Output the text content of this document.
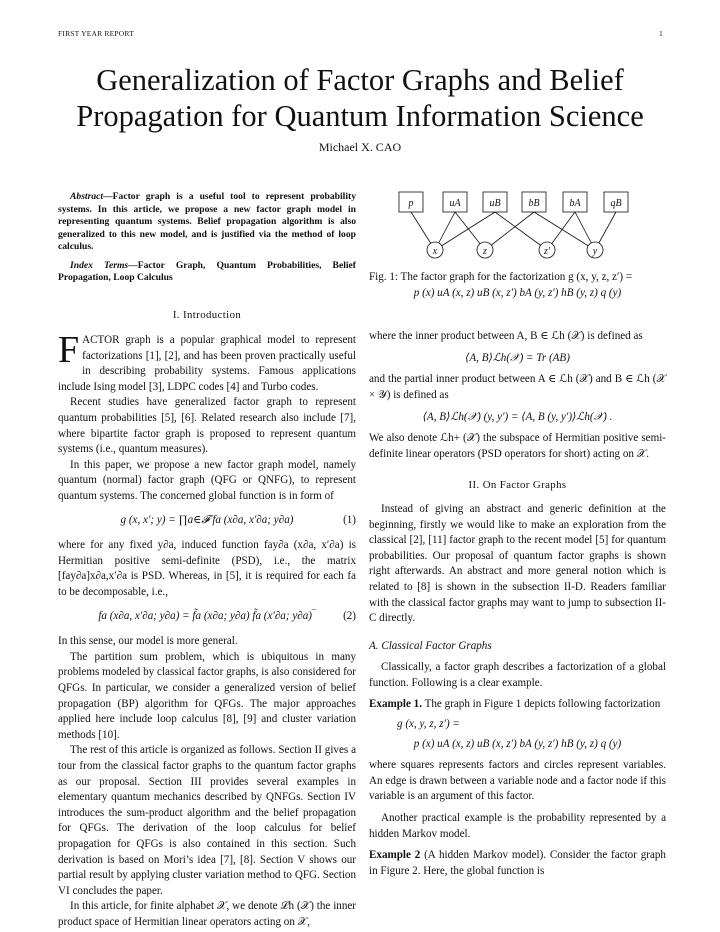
FIRST YEAR REPORT	1
Generalization of Factor Graphs and Belief
Propagation for Quantum Information Science
Michael X. CAO

Abstract—Factor graph is a useful tool to represent probability systems. In this article, we propose a new factor graph model in representing quantum systems. Belief propagation algorithm is also generalized to this new model, and is justified via the method of loop calculus.

Index Terms—Factor Graph, Quantum Probabilities, Belief Propagation, Loop Calculus

I. Introduction

FACTOR graph is a popular graphical model to represent factorizations [1], [2], and has been proven practically useful in describing probability systems. Famous applications include Ising model [3], LDPC codes [4] and Turbo codes.

Recent studies have generalized factor graph to represent quantum probabilities [5], [6]. Related research also include [7], where bipartite factor graph is proposed to represent quantum systems (i.e., quantum measures).

In this paper, we propose a new factor graph model, namely quantum (normal) factor graph (QFG or QNFG), to represent quantum systems. The concerned global function is in form of

g (x, x′; y) = ∏a∈𝓕 fa (x∂a, x′∂a; y∂a)	(1)

where for any fixed y∂a, induced function fay∂a (x∂a, x′∂a) is Hermitian positive semi-definite (PSD), i.e., the matrix [fay∂a]x∂a,x′∂a is PSD. Whereas, in [5], it is required for each fa to be decomposable, i.e.,

fa (x∂a, x′∂a; y∂a) = f̃a (x∂a; y∂a) f̃a (x′∂a; y∂a)‾ (2)

In this sense, our model is more general.

The partition sum problem, which is ubiquitous in many problems modeled by classical factor graphs, is also considered for QFGs. In particular, we consider a generalized version of belief propagation (BP) algorithm for QFGs. The major approaches applied here include loop calculus [8], [9] and cluster variation methods [10].

The rest of this article is organized as follows. Section II gives a tour from the classical factor graphs to the quantum factor graphs as our proposal. Section III provides several examples in elementary quantum mechanics described by QNFGs. Section IV introduces the sum-product algorithm and the belief propagation for QFGs. The derivation of the loop calculus for belief propagation for QFGs is also contained in this section. Such derivation is based on Mori’s idea [7], [8]. Section V shows our partial result by applying cluster variation method to QFG. Section VI concludes the paper.

In this article, for finite alphabet 𝒳, we denote ℒh (𝒳) the inner product space of Hermitian linear operators acting on 𝒳,

p	uA	uB	bB	bA	qB
x	z	z′	y

Fig. 1: The factor graph for the factorization g (x, y, z, z′) =

p (x) uA (x, z) uB (x, z′) bA (y, z′) hB (y, z) q (y)

where the inner product between A, B ∈ ℒh (𝒳) is defined as

⟨A, B⟩ℒh(𝒳) = Tr (AB)

and the partial inner product between A ∈ ℒh (𝒳) and B ∈ ℒh (𝒳 × 𝒴) is defined as

⟨A, B⟩ℒh(𝒳) (y, y′) = ⟨A, B (y, y′)⟩ℒh(𝒳) .

We also denote ℒh+ (𝒳) the subspace of Hermitian positive semi-definite linear operators (PSD operators for short) acting on 𝒳.

II. On Factor Graphs

Instead of giving an abstract and generic definition at the beginning, firstly we would like to make an exploration from the classical [2], [11] factor graph to the recent model [5] for quantum probabilities. Our proposal of quantum factor graphs is shown right afterwards. An abstract and more general notion which is related to [8] is shown in the subsection II-D. Readers familiar with the classical factor graphs may want to jump to subsection II-C directly.

A. Classical Factor Graphs

Classically, a factor graph describes a factorization of a global function. Following is a clear example.

Example 1. The graph in Figure 1 depicts following factorization

g (x, y, z, z′) =
p (x) uA (x, z) uB (x, z′) bA (y, z′) hB (y, z) q (y)

where squares represents factors and circles represent variables. An edge is drawn between a variable node and a factor node if this variable is an argument of this factor.

Another practical example is the probability represented by a hidden Markov model.

Example 2 (A hidden Markov model). Consider the factor graph in Figure 2. Here, the global function is
